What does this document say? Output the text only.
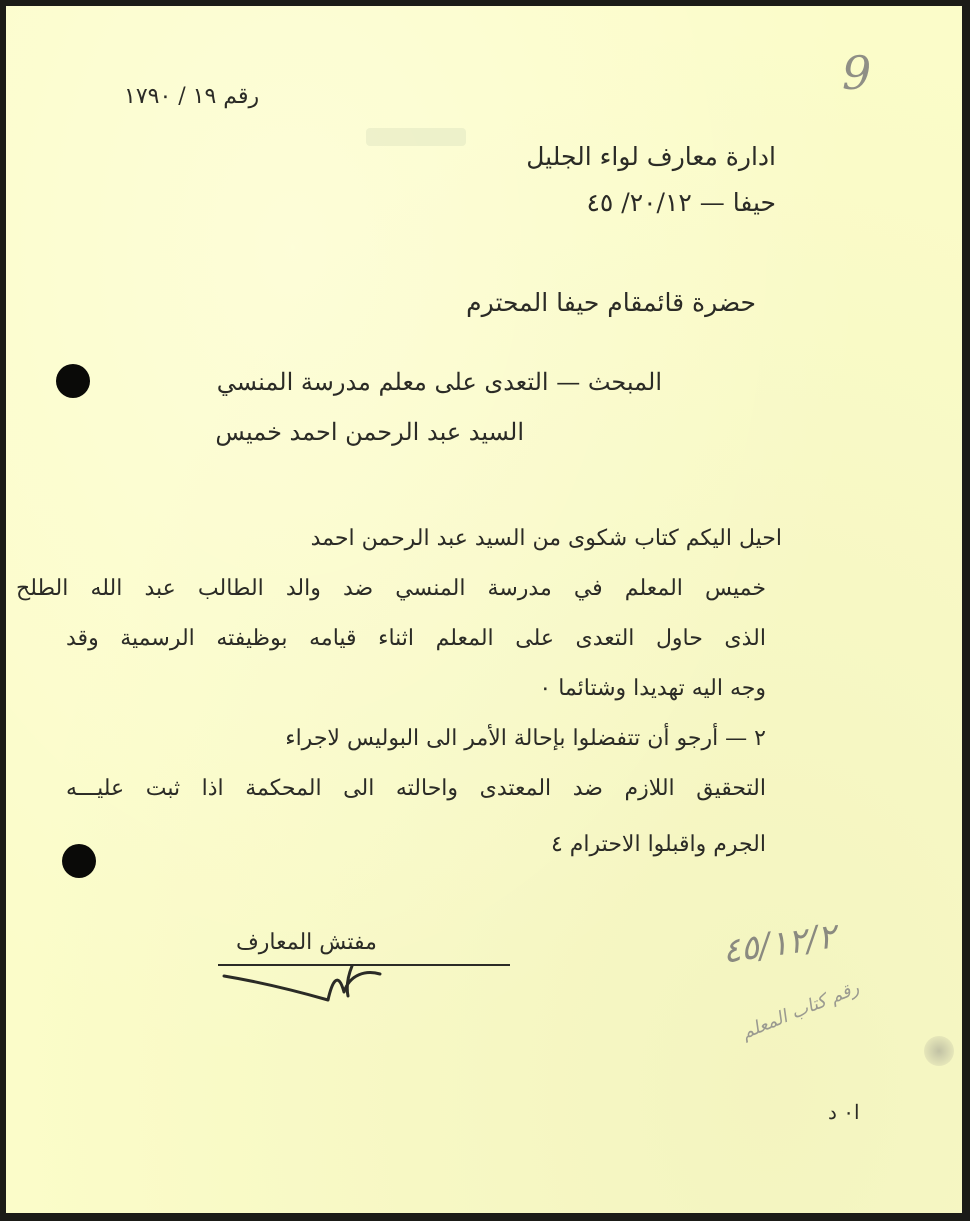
9
رقم ١٩ / ١٧٩٠
ادارة معارف لواء الجليل
حيفا — ٢٠/١٢/ ٤٥
حضرة قائمقام حيفا المحترم
المبحث — التعدى على معلم مدرسة المنسي
السيد عبد الرحمن احمد خميس
احيل اليكم كتاب شكوى من السيد عبد الرحمن احمد
خميس المعلم في مدرسة المنسي ضد والد الطالب عبد الله الطلح
الذى حاول التعدى على المعلم اثناء قيامه بوظيفته الرسمية وقد
وجه اليه تهديدا وشتائما ٠
٢ — أرجو أن تتفضلوا بإحالة الأمر الى البوليس لاجراء
التحقيق اللازم ضد المعتدى واحالته الى المحكمة اذا ثبت عليـــه
الجرم واقبلوا الاحترام ٤
مفتش المعارف	٤٥/١٢/٢
رقم كتاب المعلم
ا٠ د
